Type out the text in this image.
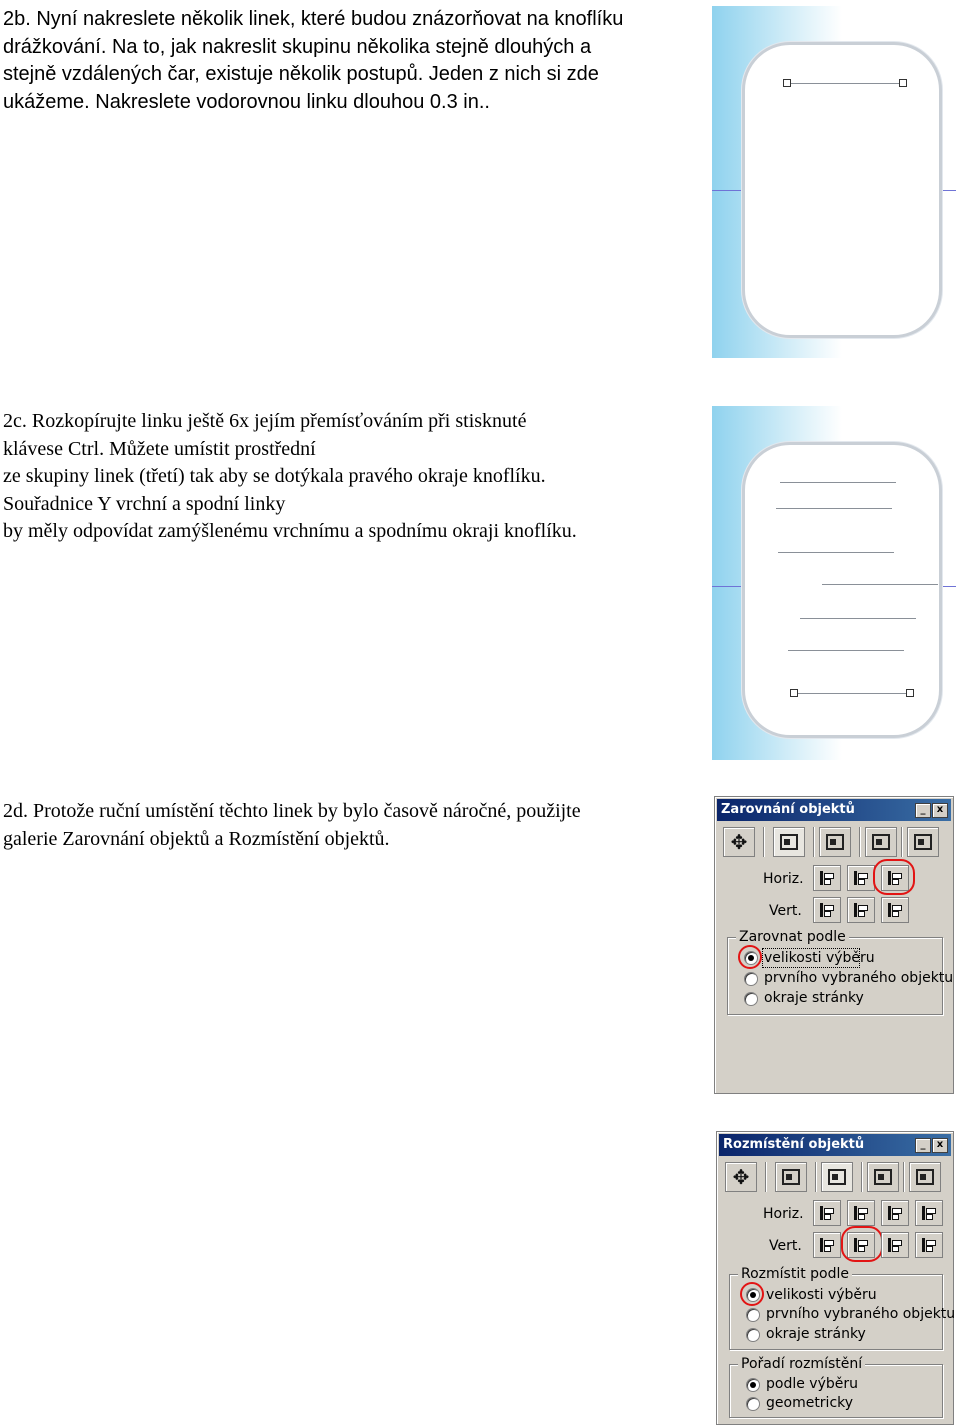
2b. Nyní nakreslete několik linek, které budou znázorňovat na knoflíku
drážkování. Na to, jak nakreslit skupinu několika stejně dlouhých a
stejně vzdálených čar, existuje několik postupů. Jeden z nich si zde
ukážeme. Nakreslete vodorovnou linku dlouhou 0.3 in..
2c. Rozkopírujte linku ještě 6x jejím přemísťováním při stisknuté
klávese Ctrl. Můžete umístit prostřední
ze skupiny linek (třetí) tak aby se dotýkala pravého okraje knoflíku.
Souřadnice Y vrchní a spodní linky
by měly odpovídat zamýšlenému vrchnímu a spodnímu okraji knoflíku.
2d. Protože ruční umístění těchto linek by bylo časově náročné, použijte
galerie Zarovnání objektů a Rozmístění objektů.
Zarovnání objektů	_	x
✥
Horiz.
Vert.
Zarovnat podle
velikosti výběru
prvního vybraného objektu
okraje stránky
Rozmístění objektů	_	x
✥
Horiz.
Vert.
Rozmístit podle
velikosti výběru
prvního vybraného objektu
okraje stránky
Pořadí rozmístění
podle výběru
geometricky
